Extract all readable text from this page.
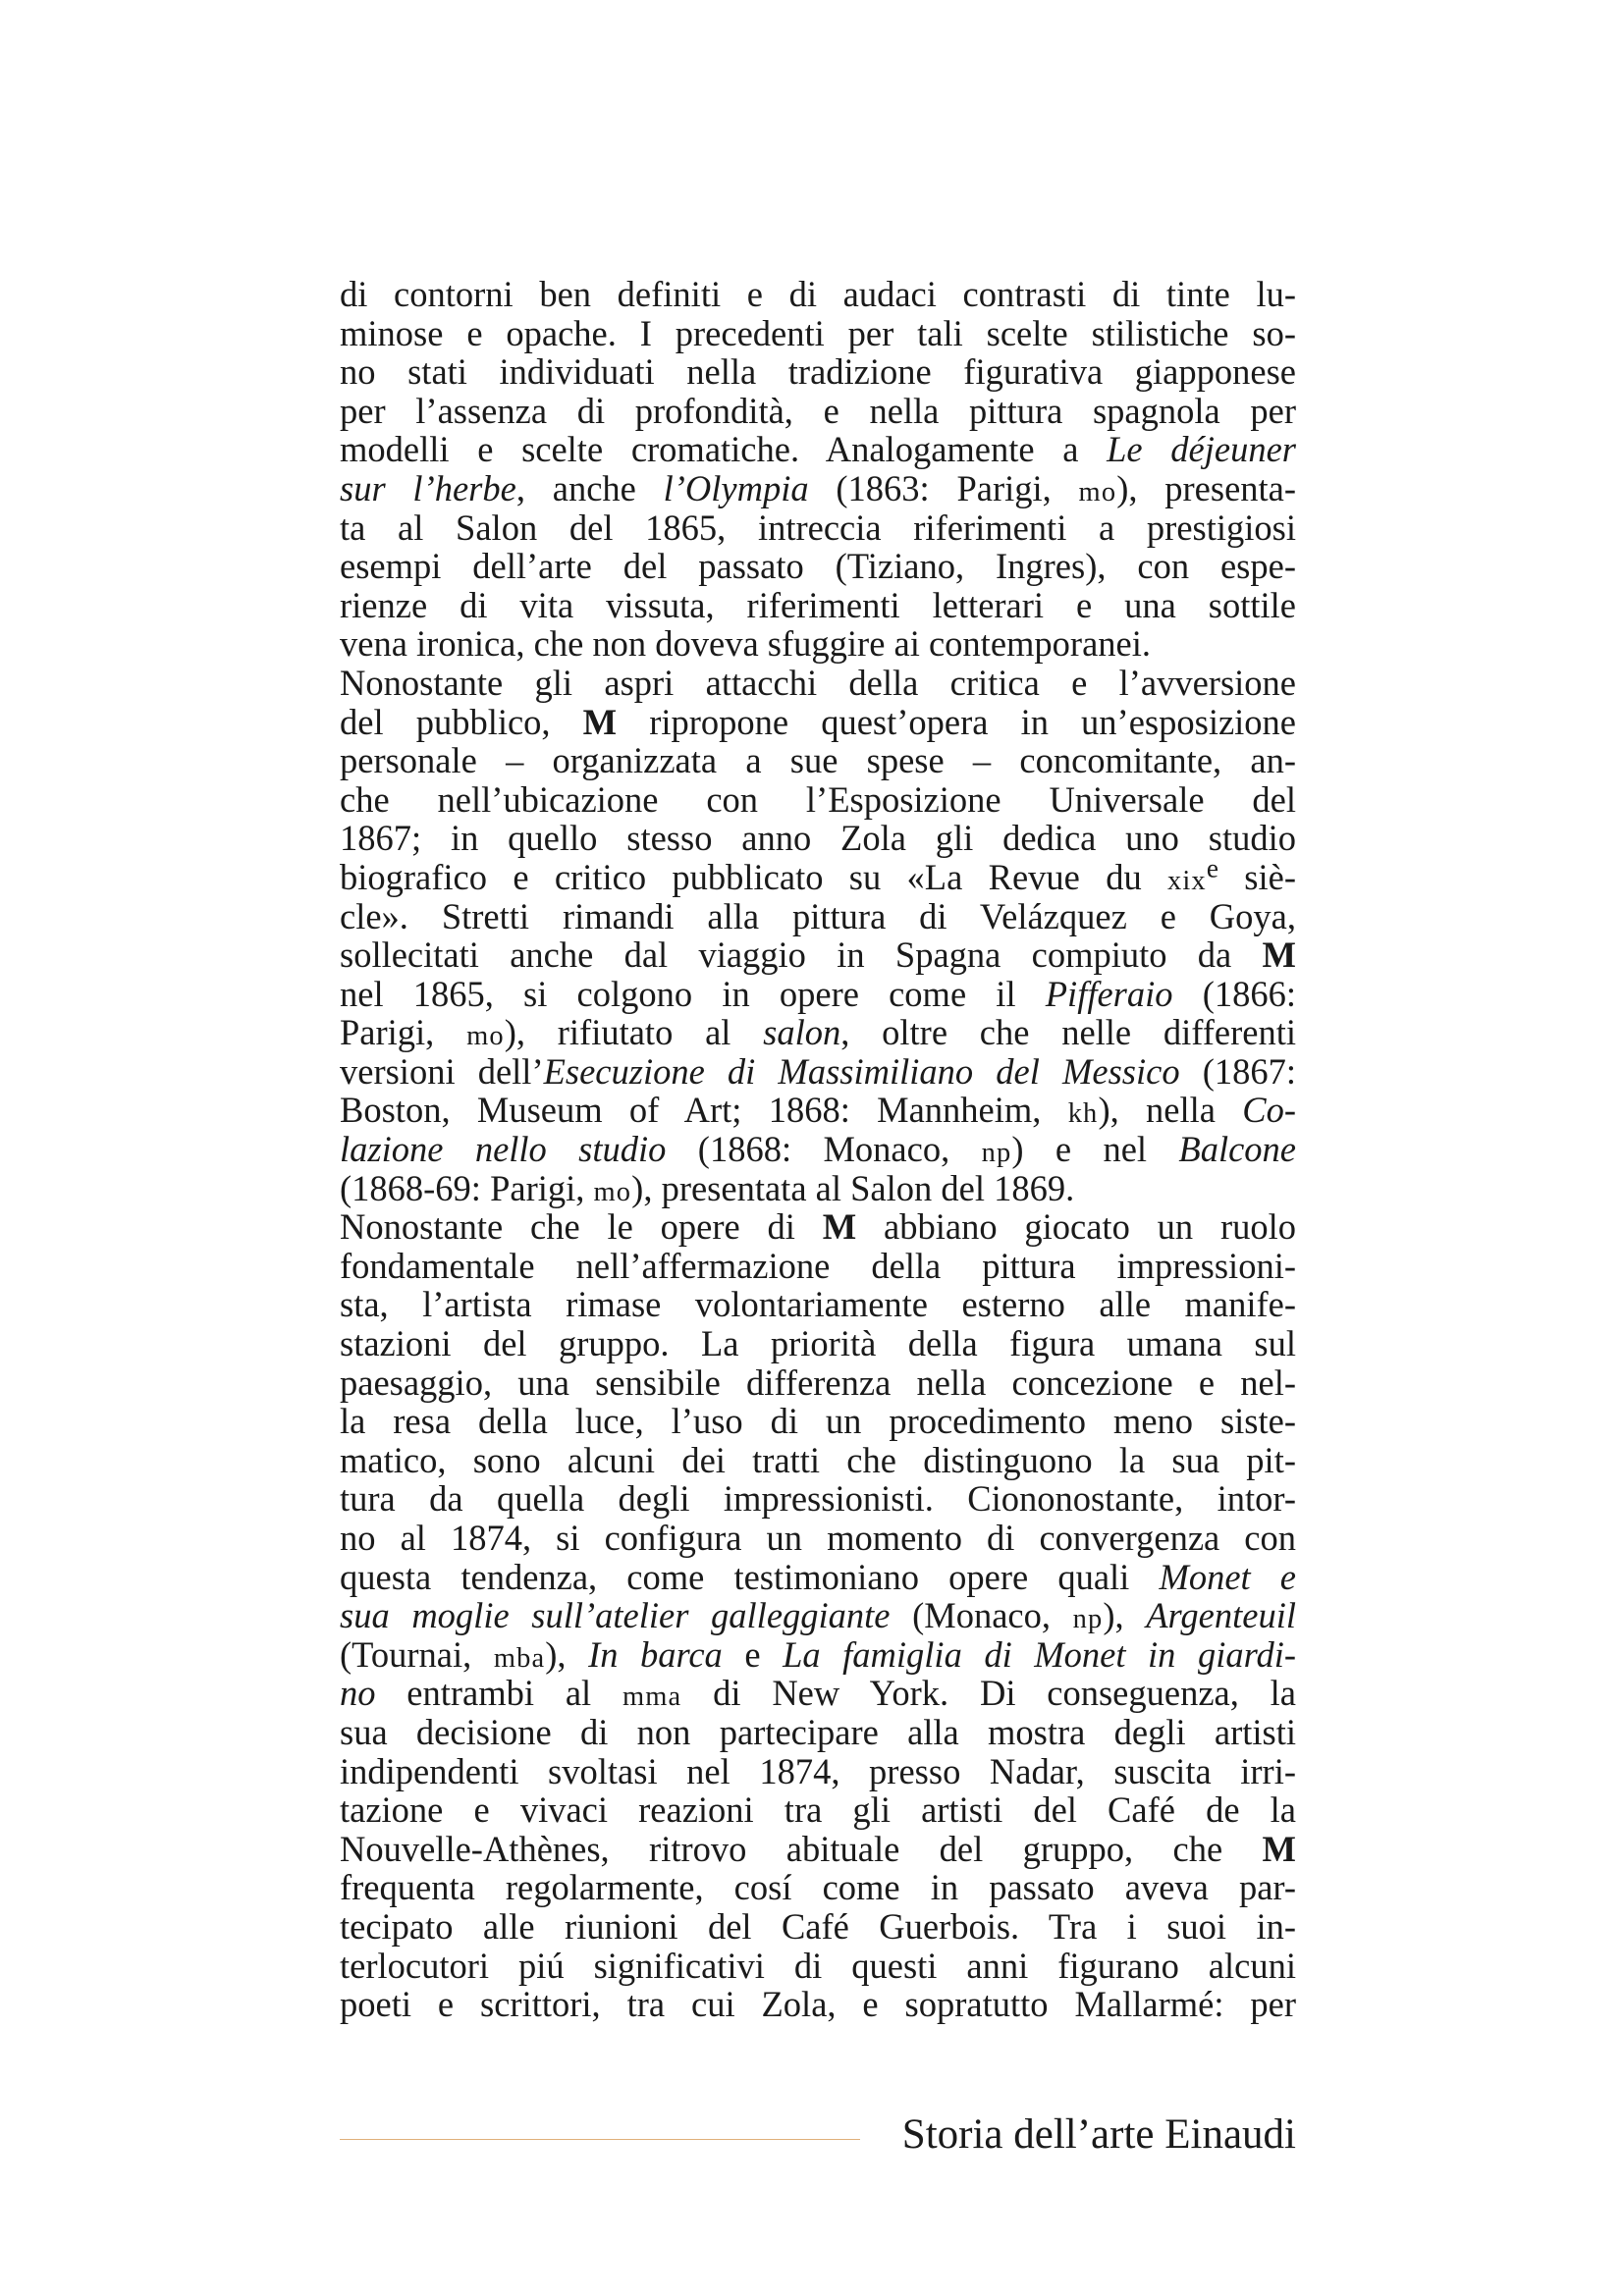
di contorni ben definiti e di audaci contrasti di tinte lu-
minose e opache. I precedenti per tali scelte stilistiche so-
no stati individuati nella tradizione figurativa giapponese
per l’assenza di profondità, e nella pittura spagnola per
modelli e scelte cromatiche. Analogamente a Le déjeuner
sur l’herbe, anche l’Olympia (1863: Parigi, mo), presenta-
ta al Salon del 1865, intreccia riferimenti a prestigiosi
esempi dell’arte del passato (Tiziano, Ingres), con espe-
rienze di vita vissuta, riferimenti letterari e una sottile
vena ironica, che non doveva sfuggire ai contemporanei.
Nonostante gli aspri attacchi della critica e l’avversione
del pubblico, M ripropone quest’opera in un’esposizione
personale – organizzata a sue spese – concomitante, an-
che nell’ubicazione con l’Esposizione Universale del
1867; in quello stesso anno Zola gli dedica uno studio
biografico e critico pubblicato su «La Revue du xix$^e$ siè-
cle». Stretti rimandi alla pittura di Velázquez e Goya,
sollecitati anche dal viaggio in Spagna compiuto da M
nel 1865, si colgono in opere come il Pifferaio (1866:
Parigi, mo), rifiutato al salon, oltre che nelle differenti
versioni dell’Esecuzione di Massimiliano del Messico (1867:
Boston, Museum of Art; 1868: Mannheim, kh), nella Co-
lazione nello studio (1868: Monaco, np) e nel Balcone
(1868-69: Parigi, mo), presentata al Salon del 1869.
Nonostante che le opere di M abbiano giocato un ruolo
fondamentale nell’affermazione della pittura impressioni-
sta, l’artista rimase volontariamente esterno alle manife-
stazioni del gruppo. La priorità della figura umana sul
paesaggio, una sensibile differenza nella concezione e nel-
la resa della luce, l’uso di un procedimento meno siste-
matico, sono alcuni dei tratti che distinguono la sua pit-
tura da quella degli impressionisti. Ciononostante, intor-
no al 1874, si configura un momento di convergenza con
questa tendenza, come testimoniano opere quali Monet e
sua moglie sull’atelier galleggiante (Monaco, np), Argenteuil
(Tournai, mba), In barca e La famiglia di Monet in giardi-
no entrambi al mma di New York. Di conseguenza, la
sua decisione di non partecipare alla mostra degli artisti
indipendenti svoltasi nel 1874, presso Nadar, suscita irri-
tazione e vivaci reazioni tra gli artisti del Café de la
Nouvelle-Athènes, ritrovo abituale del gruppo, che M
frequenta regolarmente, cosí come in passato aveva par-
tecipato alle riunioni del Café Guerbois. Tra i suoi in-
terlocutori piú significativi di questi anni figurano alcuni
poeti e scrittori, tra cui Zola, e sopratutto Mallarmé: per
Storia dell’arte Einaudi
